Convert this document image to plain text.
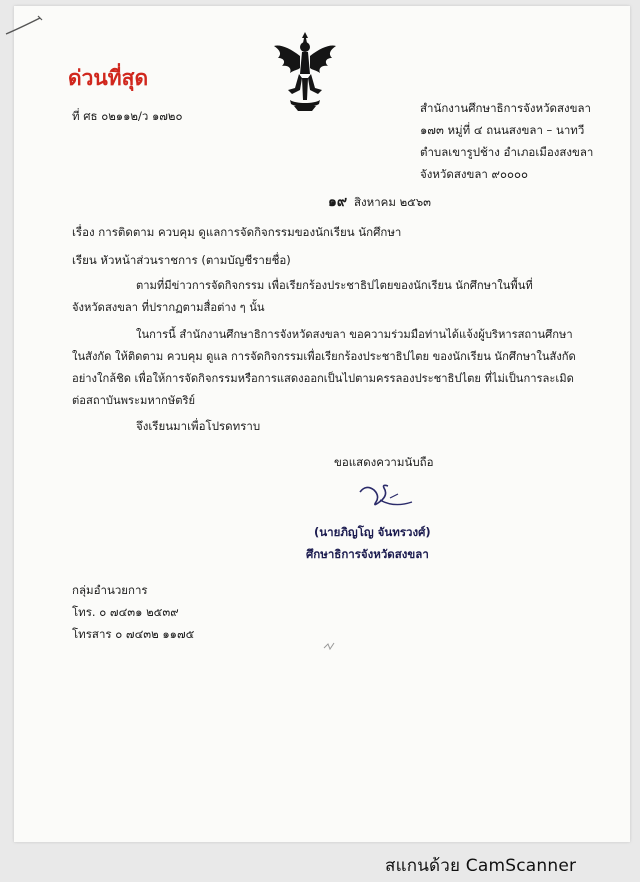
ด่วนที่สุด
ที่ ศธ ๐๒๑๑๒/ว ๑๗๒๐
สำนักงานศึกษาธิการจังหวัดสงขลา
๑๗๓ หมู่ที่ ๔ ถนนสงขลา – นาทวี
ตำบลเขารูปช้าง อำเภอเมืองสงขลา
จังหวัดสงขลา ๙๐๐๐๐
๑๙ สิงหาคม ๒๕๖๓
เรื่อง การติดตาม ควบคุม ดูแลการจัดกิจกรรมของนักเรียน นักศึกษา
เรียน หัวหน้าส่วนราชการ (ตามบัญชีรายชื่อ)
ตามที่มีข่าวการจัดกิจกรรม เพื่อเรียกร้องประชาธิปไตยของนักเรียน นักศึกษาในพื้นที่
จังหวัดสงขลา ที่ปรากฏตามสื่อต่าง ๆ นั้น
ในการนี้ สำนักงานศึกษาธิการจังหวัดสงขลา ขอความร่วมมือท่านได้แจ้งผู้บริหารสถานศึกษา
ในสังกัด ให้ติดตาม ควบคุม ดูแล การจัดกิจกรรมเพื่อเรียกร้องประชาธิปไตย ของนักเรียน นักศึกษาในสังกัด
อย่างใกล้ชิด เพื่อให้การจัดกิจกรรมหรือการแสดงออกเป็นไปตามครรลองประชาธิปไตย ที่ไม่เป็นการละเมิด
ต่อสถาบันพระมหากษัตริย์
จึงเรียนมาเพื่อโปรดทราบ
ขอแสดงความนับถือ
(นายภิญโญ จันทรวงศ์)
ศึกษาธิการจังหวัดสงขลา
กลุ่มอำนวยการ
โทร. ๐ ๗๔๓๑ ๒๕๓๙
โทรสาร ๐ ๗๔๓๒ ๑๑๗๕
สแกนด้วย CamScanner
